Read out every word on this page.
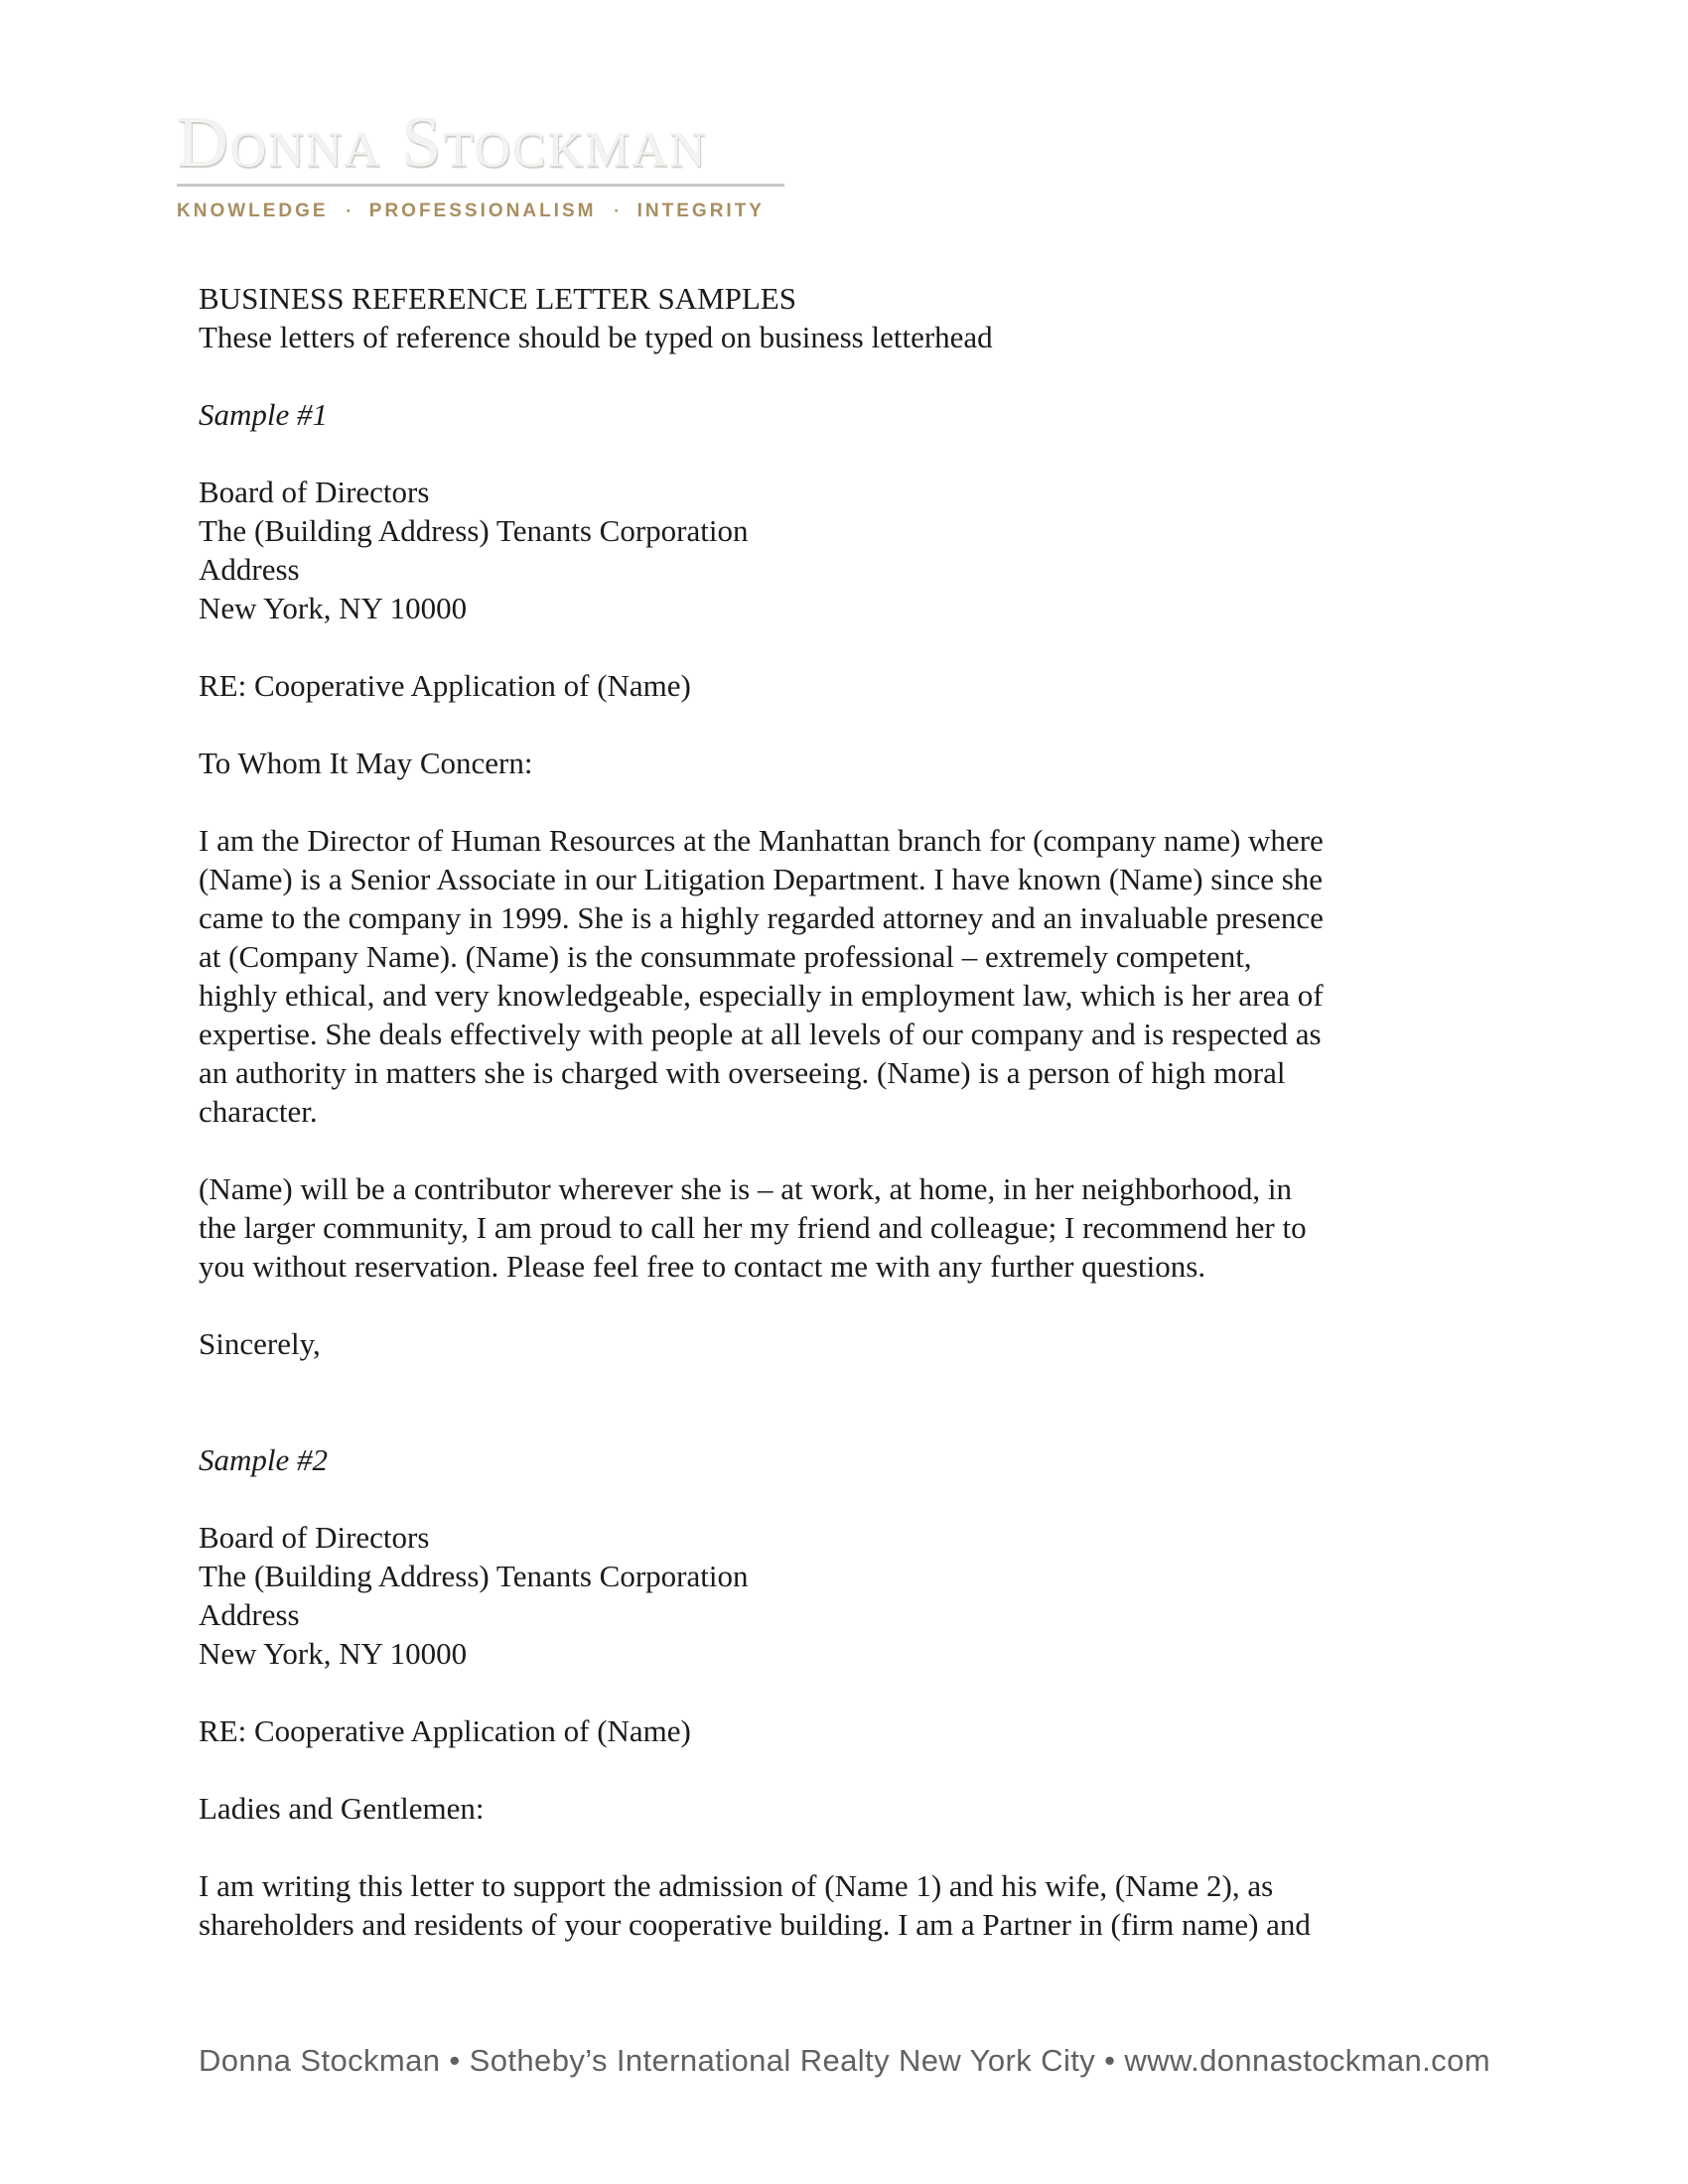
Donna Stockman
KNOWLEDGE · PROFESSIONALISM · INTEGRITY

BUSINESS REFERENCE LETTER SAMPLES

These letters of reference should be typed on business letterhead

Sample #1

Board of Directors

The (Building Address) Tenants Corporation

Address

New York, NY 10000

RE: Cooperative Application of (Name)

To Whom It May Concern:

I am the Director of Human Resources at the Manhattan branch for (company name) where

(Name) is a Senior Associate in our Litigation Department. I have known (Name) since she

came to the company in 1999. She is a highly regarded attorney and an invaluable presence

at (Company Name). (Name) is the consummate professional – extremely competent,

highly ethical, and very knowledgeable, especially in employment law, which is her area of

expertise. She deals effectively with people at all levels of our company and is respected as

an authority in matters she is charged with overseeing. (Name) is a person of high moral

character.

(Name) will be a contributor wherever she is – at work, at home, in her neighborhood, in

the larger community, I am proud to call her my friend and colleague; I recommend her to

you without reservation. Please feel free to contact me with any further questions.

Sincerely,

Sample #2

Board of Directors

The (Building Address) Tenants Corporation

Address

New York, NY 10000

RE: Cooperative Application of (Name)

Ladies and Gentlemen:

I am writing this letter to support the admission of (Name 1) and his wife, (Name 2), as

shareholders and residents of your cooperative building. I am a Partner in (firm name) and

Donna Stockman • Sotheby’s International Realty New York City • www.donnastockman.com
